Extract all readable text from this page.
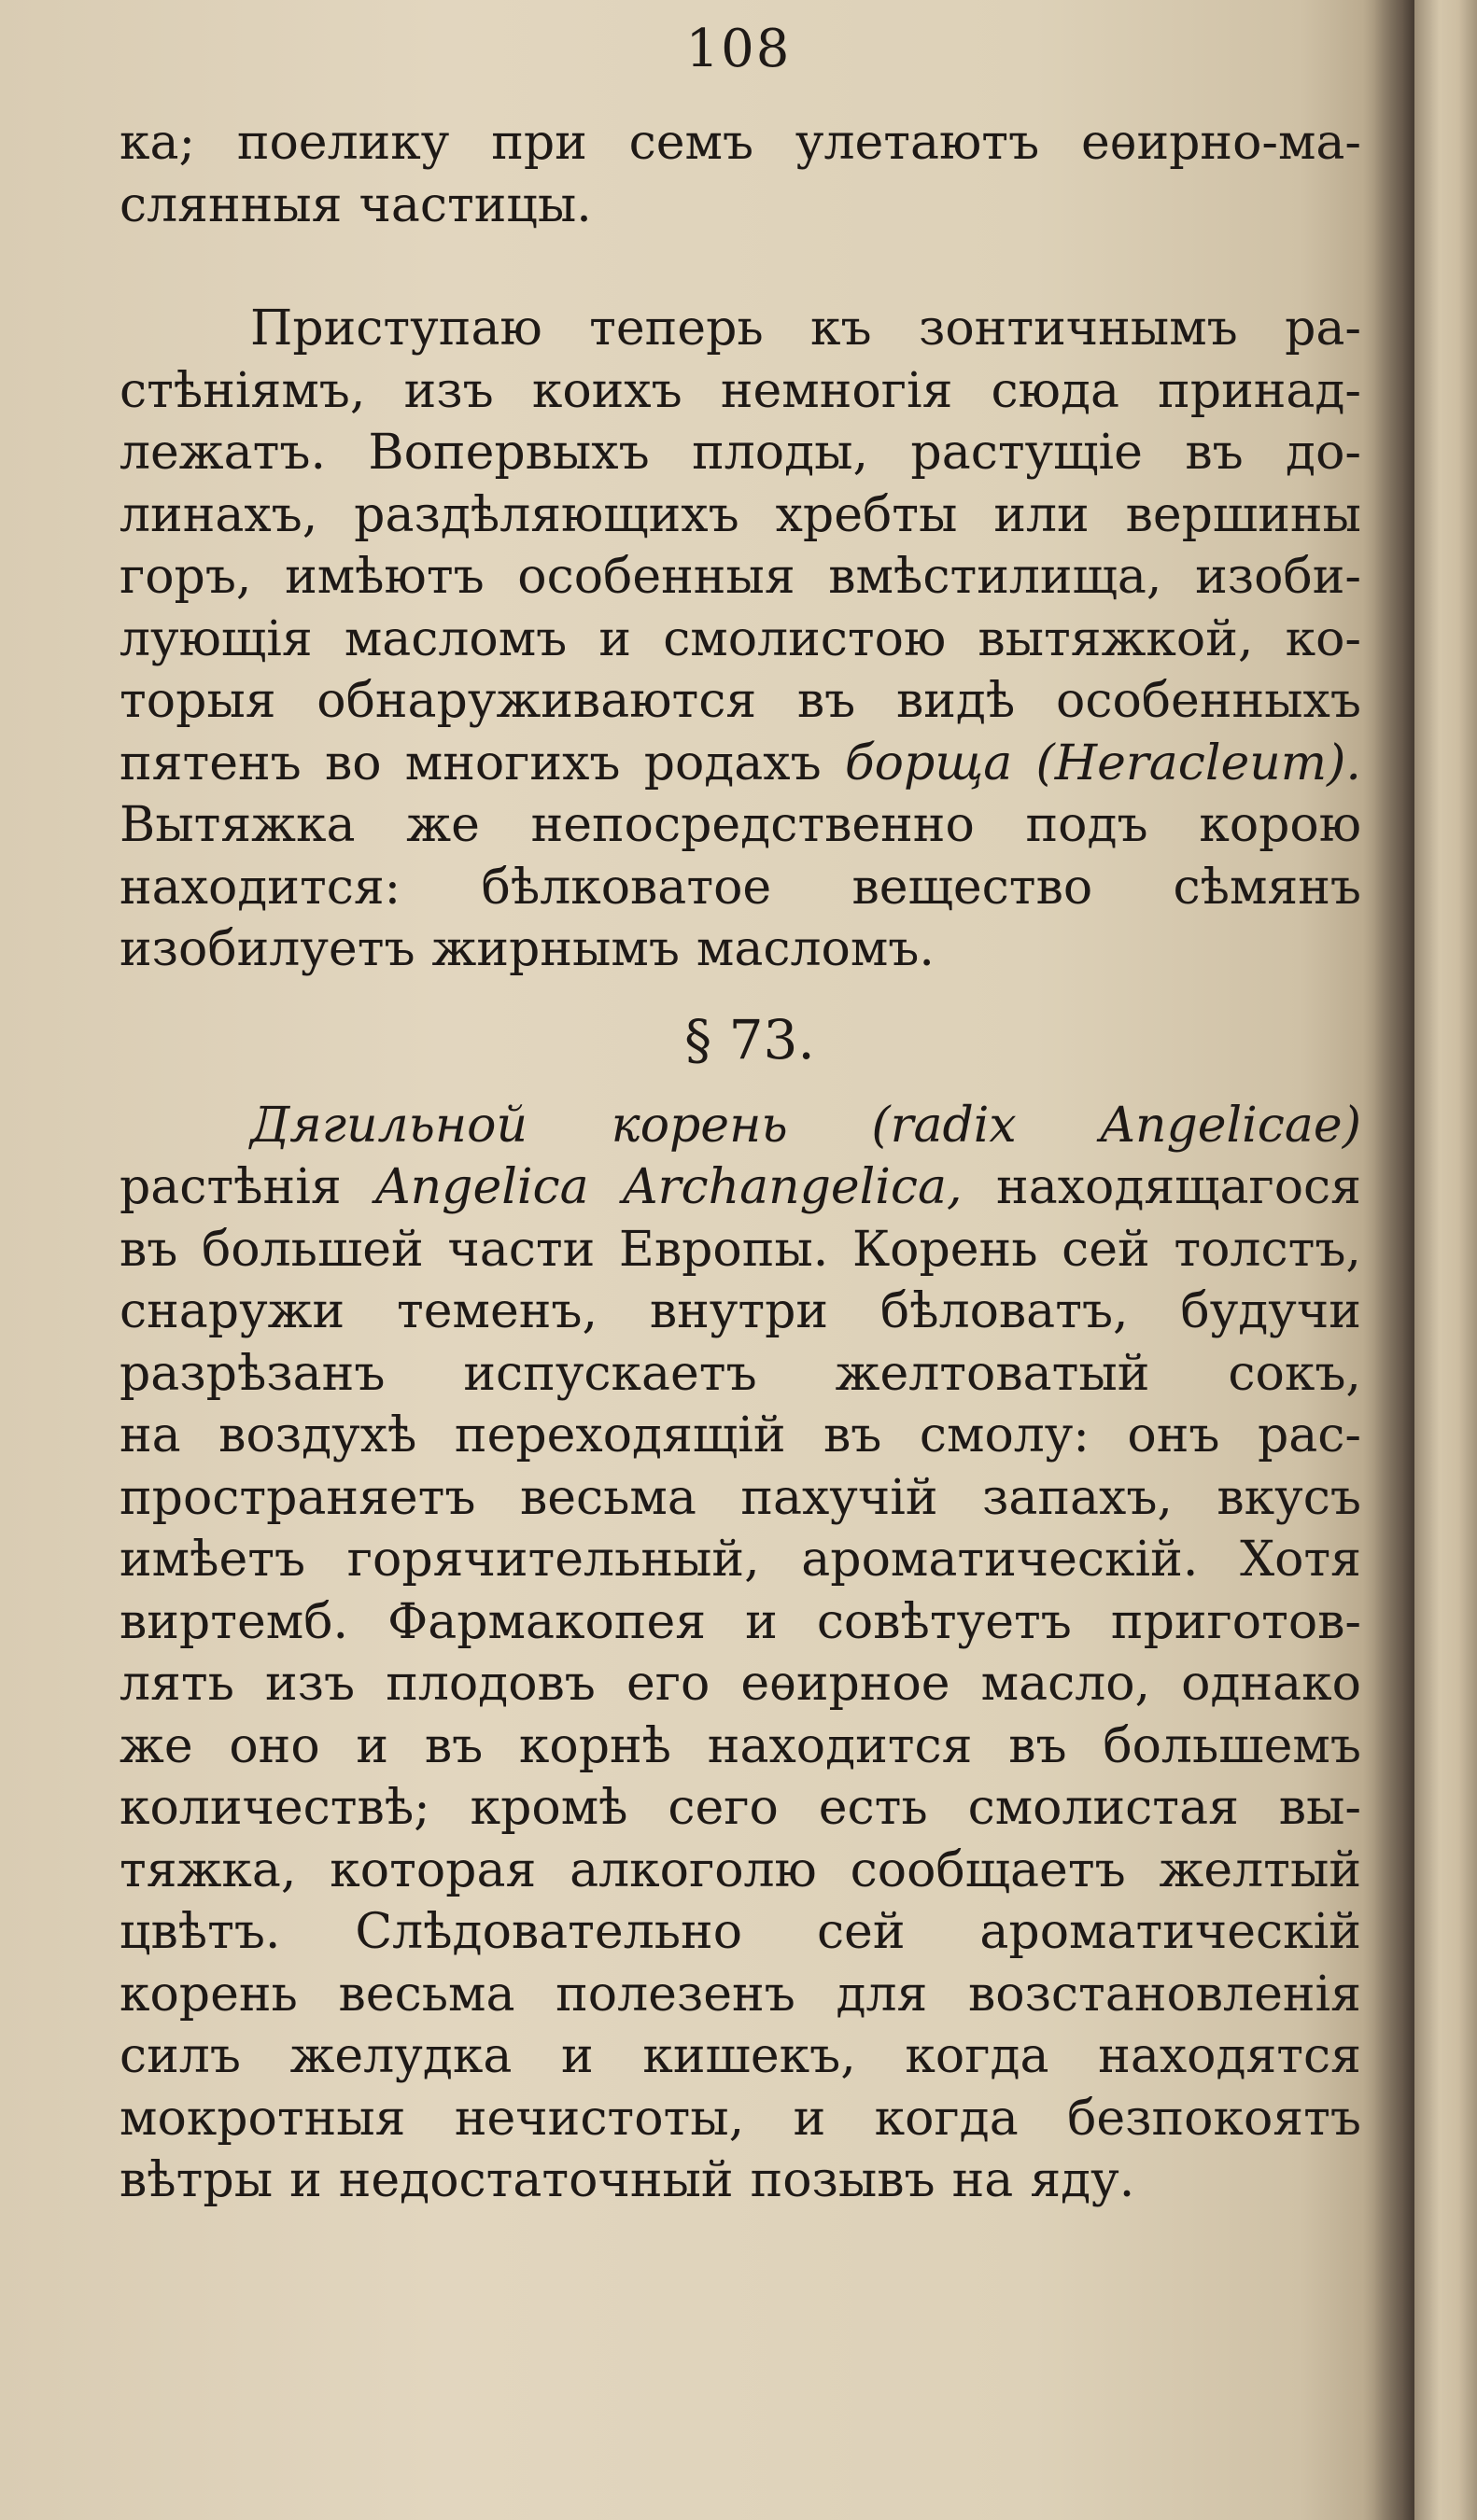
108
ка; поелику при семъ улетаютъ еѳирно-ма-
слянныя частицы.
Приступаю теперь къ зонтичнымъ ра-
стѣніямъ, изъ коихъ немногія сюда принад-
лежатъ. Вопервыхъ плоды, растущіе въ до-
линахъ, раздѣляющихъ хребты или вершины
горъ, имѣютъ особенныя вмѣстилища, изоби-
лующія масломъ и смолистою вытяжкой, ко-
торыя обнаруживаются въ видѣ особенныхъ
пятенъ во многихъ родахъ борща (Heracleum).
Вытяжка же непосредственно подъ корою
находится: бѣлковатое вещество сѣмянъ
изобилуетъ жирнымъ масломъ.
§ 73.
Дягильной корень (radix Angelicae)
растѣнія Angelica Archangelica, находящагося
въ большей части Европы. Корень сей толстъ,
снаружи теменъ, внутри бѣловатъ, будучи
разрѣзанъ испускаетъ желтоватый сокъ,
на воздухѣ переходящій въ смолу: онъ рас-
пространяетъ весьма пахучій запахъ, вкусъ
имѣетъ горячительный, ароматическій. Хотя
виртемб. Фармакопея и совѣтуетъ приготов-
лять изъ плодовъ его еѳирное масло, однако
же оно и въ корнѣ находится въ большемъ
количествѣ; кромѣ сего есть смолистая вы-
тяжка, которая алкоголю сообщаетъ желтый
цвѣтъ. Слѣдовательно сей ароматическій
корень весьма полезенъ для возстановленія
силъ желудка и кишекъ, когда находятся
мокротныя нечистоты, и когда безпокоятъ
вѣтры и недостаточный позывъ на яду.
